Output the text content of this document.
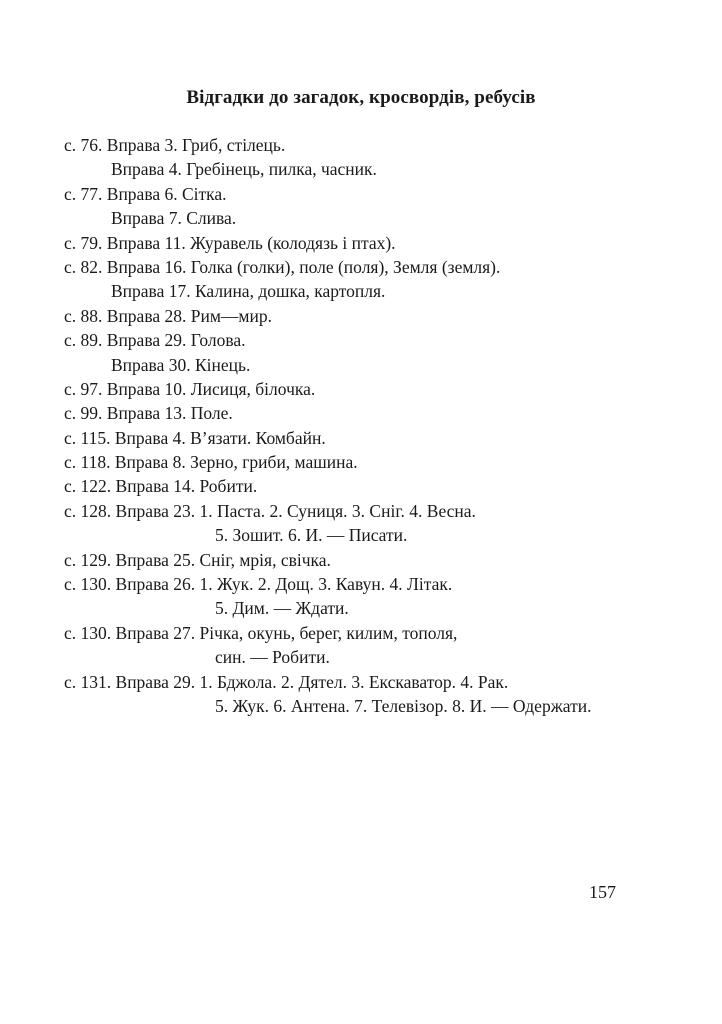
Відгадки до загадок, кросвордів, ребусів
с. 76. Вправа 3. Гриб, стілець.
Вправа 4. Гребінець, пилка, часник.
с. 77. Вправа 6. Сітка.
Вправа 7. Слива.
с. 79. Вправа 11. Журавель (колодязь і птах).
с. 82. Вправа 16. Голка (голки), поле (поля), Земля (земля).
Вправа 17. Калина, дошка, картопля.
с. 88. Вправа 28. Рим—мир.
с. 89. Вправа 29. Голова.
Вправа 30. Кінець.
с. 97. Вправа 10. Лисиця, білочка.
с. 99. Вправа 13. Поле.
с. 115. Вправа 4. В’язати. Комбайн.
с. 118. Вправа 8. Зерно, гриби, машина.
с. 122. Вправа 14. Робити.
с. 128. Вправа 23. 1. Паста. 2. Суниця. 3. Сніг. 4. Весна.
5. Зошит. 6. И. — Писати.
с. 129. Вправа 25. Сніг, мрія, свічка.
с. 130. Вправа 26. 1. Жук. 2. Дощ. 3. Кавун. 4. Літак.
5. Дим. — Ждати.
с. 130. Вправа 27. Річка, окунь, берег, килим, тополя,
син. — Робити.
с. 131. Вправа 29. 1. Бджола. 2. Дятел. 3. Екскаватор. 4. Рак.
5. Жук. 6. Антена. 7. Телевізор. 8. И. — Одержати.
157
